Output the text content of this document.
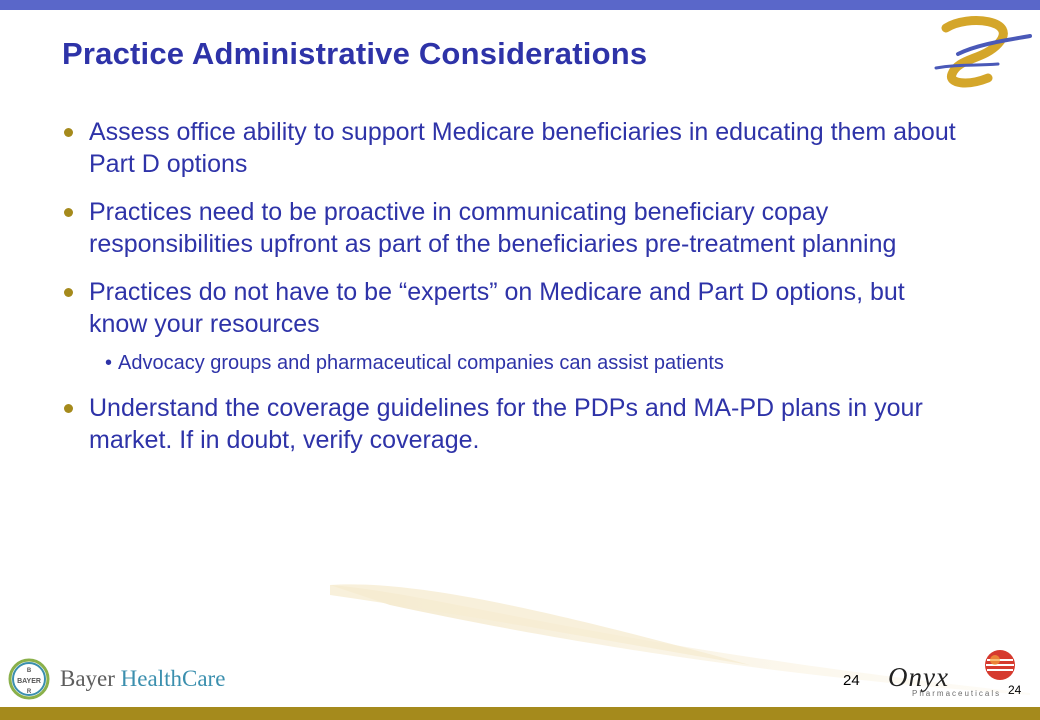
Practice Administrative Considerations
Assess office ability to support Medicare beneficiaries in educating them about Part D options
Practices need to be proactive in communicating beneficiary copay responsibilities upfront as part of the beneficiaries pre-treatment planning
Practices do not have to be “experts” on Medicare and Part D options, but know your resources
• Advocacy groups and pharmaceutical companies can assist patients
Understand the coverage guidelines for the PDPs and MA-PD plans in your market. If in doubt, verify coverage.
BAYER
B
R
Bayer HealthCare	24 Onyx
Pharmaceuticals 24
